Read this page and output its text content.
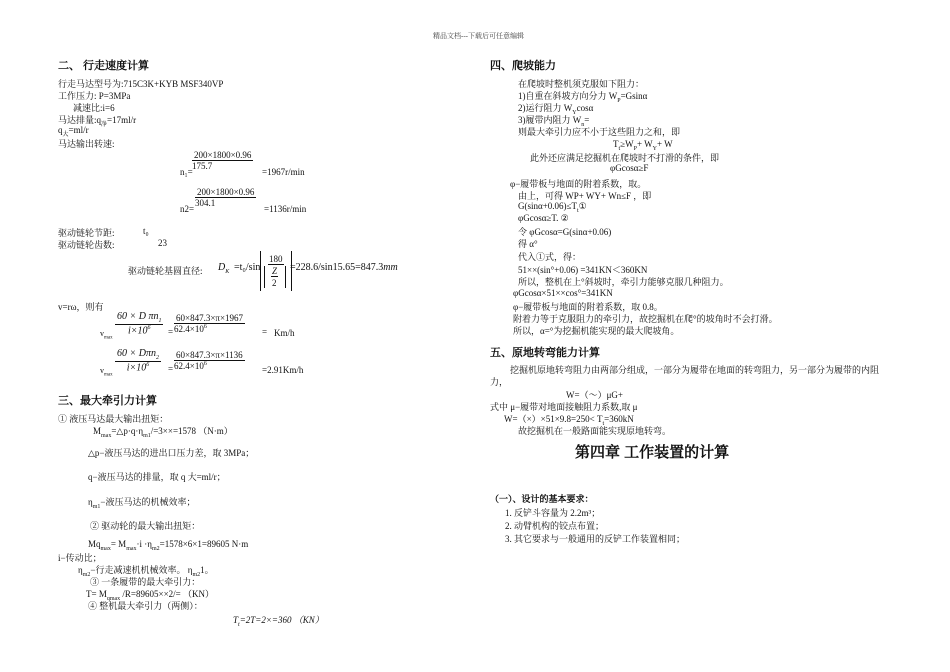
精品文档---下载后可任意编辑
二、 行走速度计算
行走马达型号为:715C3K+KYB MSF340VP
工作压力: P=3MPa
减速比:i=6
马达排量$:q_净=17ml/r$
$q_大=ml/r$
马达输出转速:
$\frac{200\times 1800\times 0.96}{175.7}$
n₁=	=1967r/min
$\frac{200\times 1800\times 0.96}{304.1}$
n2=	=1136r/min
驱动链轮节距:	t₀
驱动链轮齿数:	23
驱动链轮基圆直径: $D_K =t_0/\sin$
180
Z
2
=228.6/sin15.65=847.3mm
v=rω，则有
$\frac{60 \times D \pi n_1}{i\times 10^6}$
$v_{max}$
= $\frac{60\times 847.3\times\pi\times 1967}{62.4\times 10^6} = Km/h$
60 × Dπn$_2$
$i\times 10^6$
$v_{max}$
= $\frac{60\times 847.3\times\pi\times 1136}{62.4\times 10^6} =2.91Km/h$
三、最大牵引力计算
① 液压马达最大输出扭矩：
$M_{max}=\triangle p\cdot q\cdot\eta_{m1}/=3\times\times=1578$ （N·m）
△p−液压马达的进出口压力差，取 3MPa；
q−液压马达的排量，取 q 大=ml/r；
$\eta_{m1}-$液压马达的机械效率；
② 驱动轮的最大输出扭矩：
$Mq_{max}= M_{max}\cdot i \cdot\eta_{m2}=1578\times 6\times 1=89605$ N·m
i−传动比；
$\eta_{m2}-$行走减速机机械效率。 $\eta_{m2}1$。
③ 一条履带的最大牵引力：
$T= M_{qmax}$ /R=89605××2/= （KN）
④ 整机最大牵引力（两侧）：
$T_t=2T=2\times=360$ （KN）
四、爬坡能力
在爬坡时整机须克服如下阻力：
1)自重在斜坡方向分力 $W_P=Gsin\alpha$
2)运行阻力 $W_Y\cos\alpha$
3)履带内阻力 $W_n=$
则最大牵引力应不小于这些阻力之和，即
$T_t\ge W_P+ W_Y+ W$
此外还应满足挖掘机在爬坡时不打滑的条件，即
φGcosα≥F
φ−履带板与地面的附着系数，取。
由上，可得 WP+ WY+ Wn≤F ，即
$G(\sin\alpha+0.06)\le T_t①$
φGcosα≥T. ②
令 φGcosα=G(sinα+0.06)
得 α°
代入①式，得：
51××(sin°+0.06) =341KN＜360KN
所以，整机在上°斜坡时，牵引力能够克服几种阻力。
φGcosα×51××cos°=341KN
φ−履带板与地面的附着系数，取 0.8。
附着力等于克服阻力的牵引力，故挖掘机在爬°的坡角时不会打滑。
所以，α=°为挖掘机能实现的最大爬坡角。
五、原地转弯能力计算
挖掘机原地转弯阻力由两部分组成，一部分为履带在地面的转弯阻力，另一部分为履带的内阻
力，
W=（～）μG+
式中 μ−履带对地面接触阻力系数,取 μ
$W=(\times)\times 51\times 9.8=250< T_t=360kN$
故挖掘机在一般路面能实现原地转弯。
第四章 工作装置的计算
（一）、设计的基本要求：
1. 反铲斗容量为 2.2m³；
2. 动臂机构的铰点布置；
3. 其它要求与一般通用的反铲工作装置相同；
